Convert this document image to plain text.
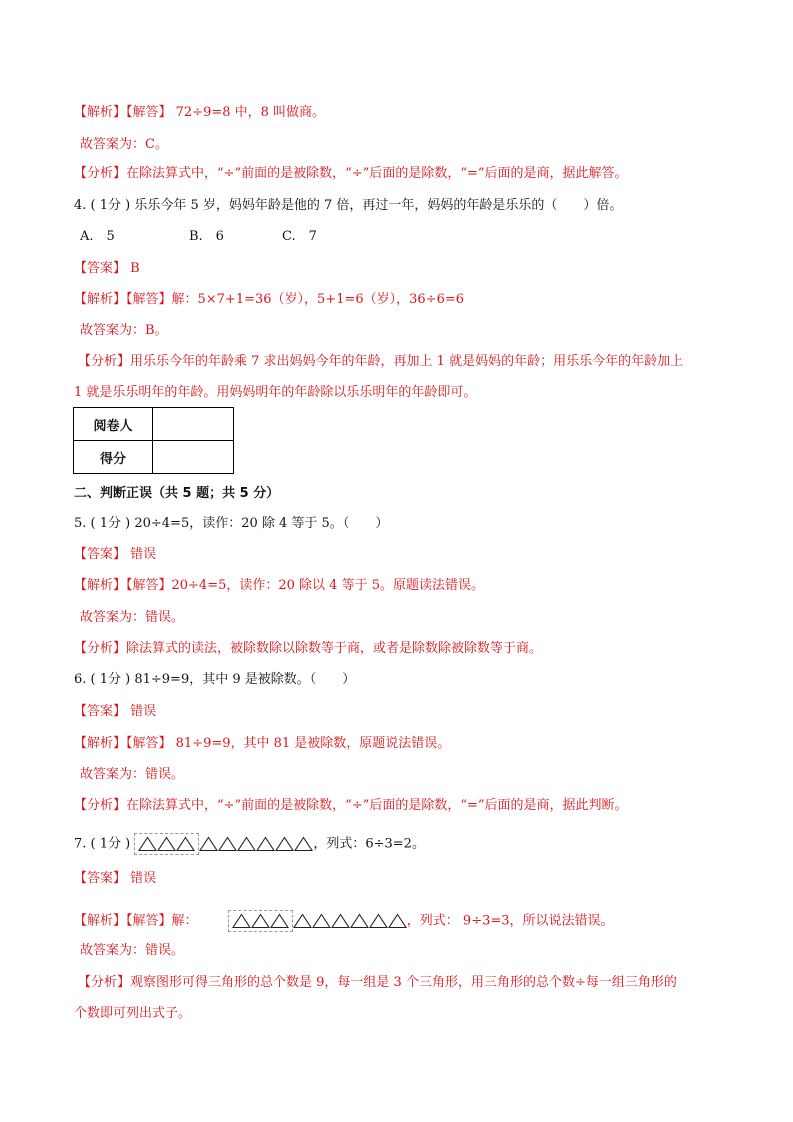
【解析】【解答】 72÷9=8 中，8 叫做商。
故答案为：C。
【分析】在除法算式中，“÷”前面的是被除数，“÷”后面的是除数，“=”后面的是商，据此解答。
4. ( 1分 ) 乐乐今年 5 岁，妈妈年龄是他的 7 倍，再过一年，妈妈的年龄是乐乐的（　　）倍。
A.　5	B.　6	C.　7
【答案】 B
【解析】【解答】解：5×7+1=36（岁），5+1=6（岁），36÷6=6
故答案为：B。
【分析】用乐乐今年的年龄乘 7 求出妈妈今年的年龄，再加上 1 就是妈妈的年龄；用乐乐今年的年龄加上
1 就是乐乐明年的年龄。用妈妈明年的年龄除以乐乐明年的年龄即可。
阅卷人	
得分	
二、判断正误（共 5 题；共 5 分）
5. ( 1分 ) 20÷4=5，读作：20 除 4 等于 5。（　　）
【答案】 错误
【解析】【解答】20÷4=5，读作：20 除以 4 等于 5。原题读法错误。
故答案为：错误。
【分析】除法算式的读法，被除数除以除数等于商，或者是除数除被除数等于商。
6. ( 1分 ) 81÷9=9，其中 9 是被除数。（　　）
【答案】 错误
【解析】【解答】 81÷9=9，其中 81 是被除数，原题说法错误。
故答案为：错误。
【分析】在除法算式中，“÷”前面的是被除数，“÷”后面的是除数，“=”后面的是商，据此判断。
7. ( 1分 )	，列式：6÷3=2。
【答案】 错误
【解析】【解答】解：	，列式： 9÷3=3，所以说法错误。
故答案为：错误。
【分析】观察图形可得三角形的总个数是 9，每一组是 3 个三角形，用三角形的总个数÷每一组三角形的
个数即可列出式子。
